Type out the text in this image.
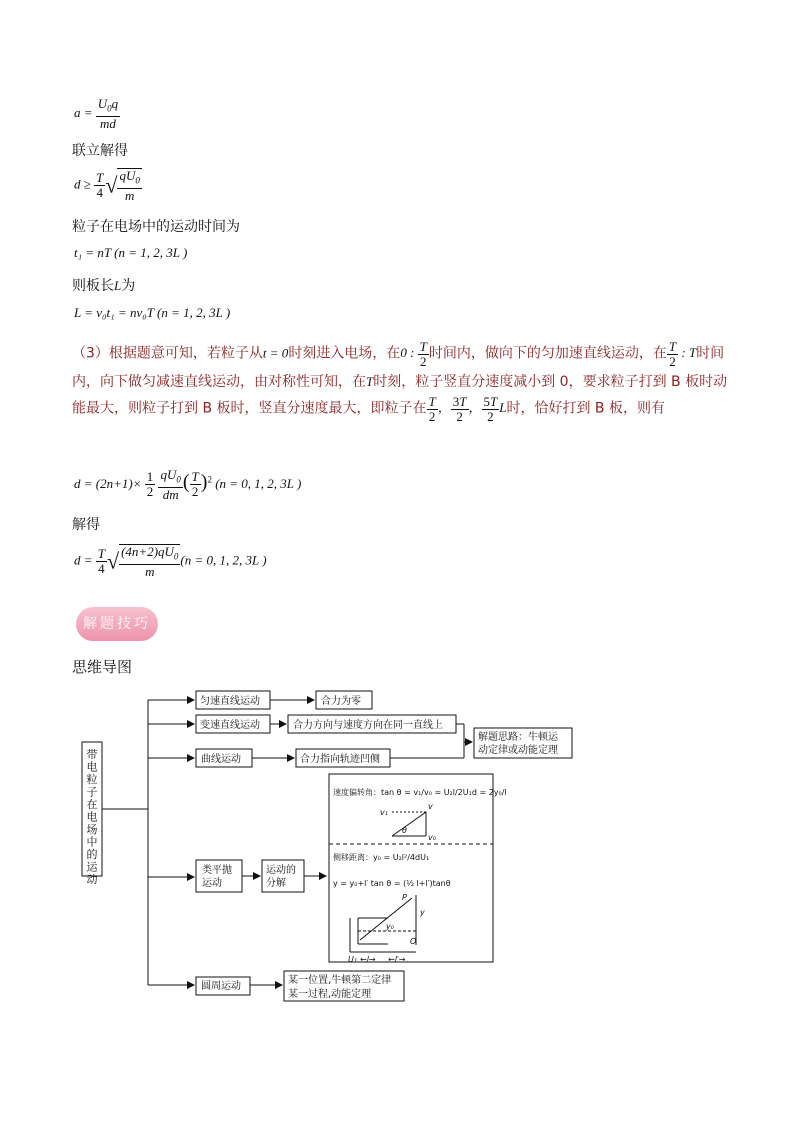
$a = \frac{U_0q}{md}$
联立解得
$d \ge \frac{T}{4}$ √ $\frac{qU_0}{m}$
粒子在电场中的运动时间为
t₁ = nT (n = 1, 2, 3L )
则板长L为
L = v₀t₁ = nv₀T (n = 1, 2, 3L )
（3）根据题意可知，若粒子从t = 0时刻进入电场，在0 : $\frac{T}{2}$ 时间内，做向下的匀加速直线运动，在 $\frac{T}{2}$ : T时间内，向下做匀减速直线运动，由对称性可知，在T时刻，粒子竖直分速度减小到 0，要求粒子打到 B 板时动能最大，则粒子打到 B 板时，竖直分速度最大，即粒子在 $\frac{T}{2}$ ， $\frac{3T}{2}$ ， $\frac{5T}{2}$ L时，恰好打到 B 板，则有
$d = (2n+1)\times \frac{1}{2}$
$\frac{qU_0}{dm}$ ( $\frac{T}{2} )^2$ (n = 0, 1, 2, 3L )
解得
$d = \frac{T}{4}$ √ $\frac{(4n+2)qU_0}{m} (n = 0$, 1, 2, 3L )
解题技巧
思维导图
匀速直线运动	合力为零
变速直线运动	合力方向与速度方向在同一直线上
曲线运动	合力指向轨迹凹侧
解题思路：牛顿运
动定律或动能定理
类平抛
运动
运动的
分解
圆周运动
某一位置,牛顿第二定律
某一过程,动能定理
速度偏转角：tan θ = v₁/v₀ = U₂l/2U₁d = 2y₀/l
侧移距离：y₀ = U₂l²/4dU₁
y = y₀+l′ tan θ = (½ l+l′)tanθ
v₁
v
v₀
θ
P
y
y₀
O
U₁ ←l→ ←l′→
带电粒子在电场中的运动
